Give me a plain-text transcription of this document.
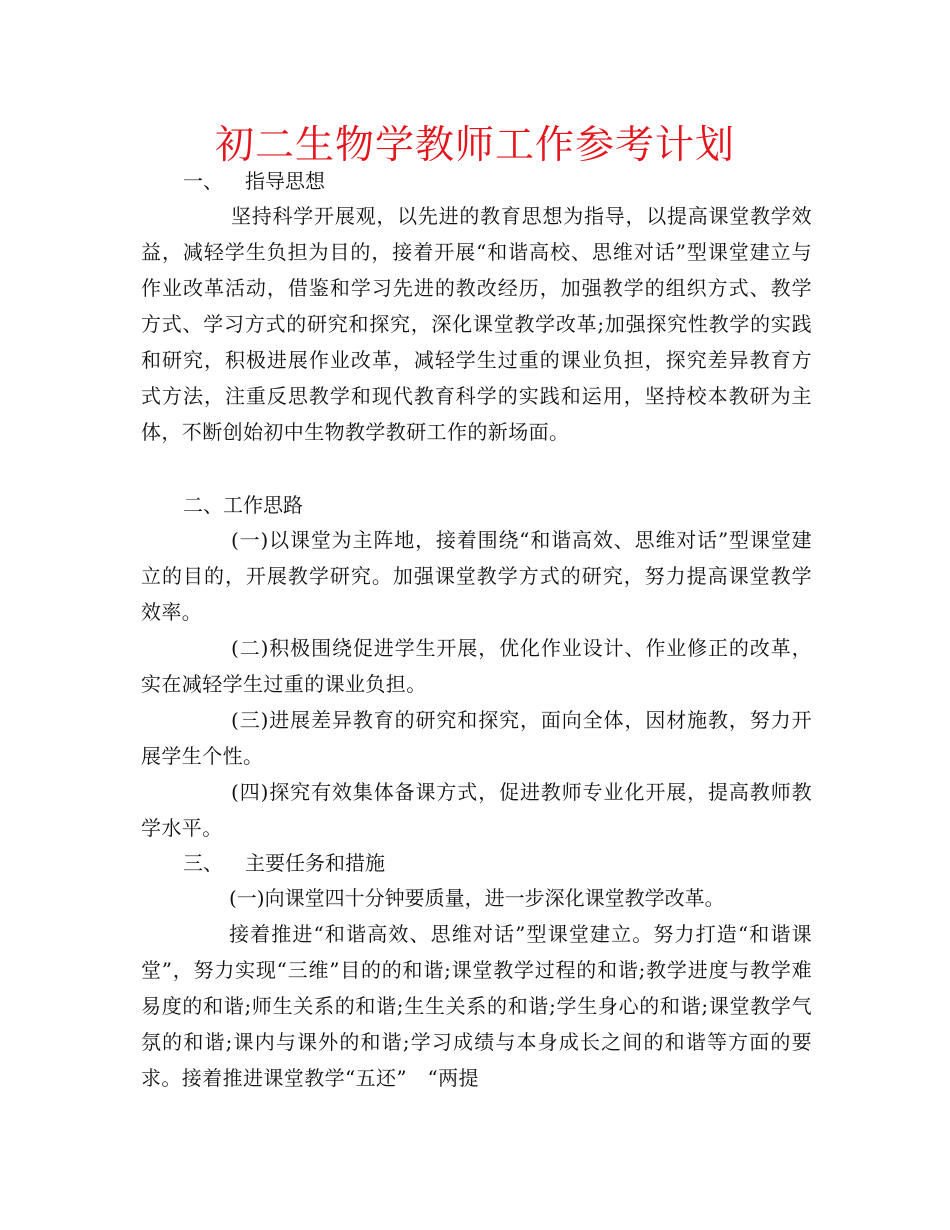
初二生物学教师工作参考计划
一、 指导思想
坚持科学开展观，以先进的教育思想为指导，以提高课堂教学效益，减轻学生负担为目的，接着开展“和谐高校、思维对话”型课堂建立与作业改革活动，借鉴和学习先进的教改经历，加强教学的组织方式、教学方式、学习方式的研究和探究，深化课堂教学改革;加强探究性教学的实践和研究，积极进展作业改革，减轻学生过重的课业负担，探究差异教育方式方法，注重反思教学和现代教育科学的实践和运用，坚持校本教研为主体，不断创始初中生物教学教研工作的新场面。
二、工作思路
(一)以课堂为主阵地，接着围绕“和谐高效、思维对话”型课堂建立的目的，开展教学研究。加强课堂教学方式的研究，努力提高课堂教学效率。
(二)积极围绕促进学生开展，优化作业设计、作业修正的改革，实在减轻学生过重的课业负担。
(三)进展差异教育的研究和探究，面向全体，因材施教，努力开展学生个性。
(四)探究有效集体备课方式，促进教师专业化开展，提高教师教学水平。
三、 主要任务和措施
(一)向课堂四十分钟要质量，进一步深化课堂教学改革。
接着推进“和谐高效、思维对话”型课堂建立。努力打造“和谐课堂”，努力实现“三维”目的的和谐;课堂教学过程的和谐;教学进度与教学难易度的和谐;师生关系的和谐;生生关系的和谐;学生身心的和谐;课堂教学气氛的和谐;课内与课外的和谐;学习成绩与本身成长之间的和谐等方面的要求。接着推进课堂教学“五还”　“两提
